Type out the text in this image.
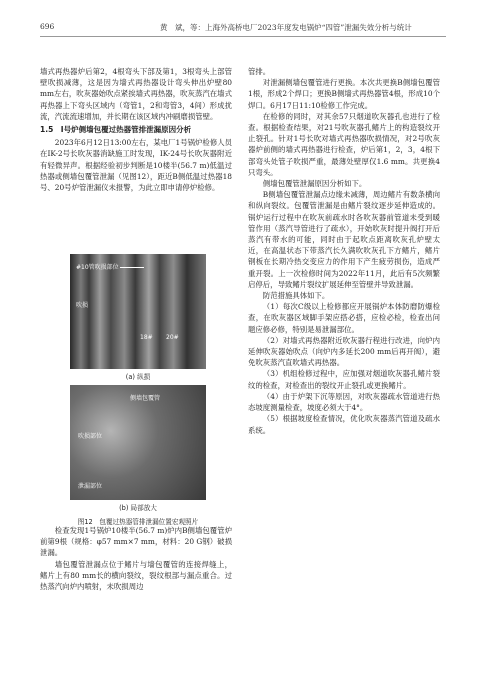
696	黄　斌，等：上海外高桥电厂2023年度发电锅炉“四管”泄漏失效分析与统计

墙式再热器炉后第2，4根弯头下部及第1，3根弯头上部管壁吹损减薄，这是因为墙式再热器设计弯头伸出炉壁80 mm左右，吹灰器始吹点紧挨墙式再热器，吹灰蒸汽在墙式再热器上下弯头区域内（弯管1，2和弯管3，4间）形成扰流，汽流流速增加，并长期在该区域内冲刷磨损管壁。

1.5　I号炉侧墙包覆过热器管排泄漏原因分析

2023年6月12日13:00左右，某电厂1号锅炉检修人员在IK-2号长吹灰器消缺施工时发现，IK-24号长吹灰器附近有轻微异声。根据经验初步判断是10楼半(56.7 m)低温过热器或侧墙包覆管泄漏（见图12），距近B侧低温过热器18号、20号炉管泄漏仪未报警，为此立即申请停炉检修。

#10管吹损部位
吹损
18# 20#
(a) 纵损
侧墙包覆管
吹损部位
泄漏部位
(b) 局部放大
图12　包覆过热器管排泄漏位置宏观照片

检查发现1号锅炉10楼半(56.7 m)炉内B侧墙包覆管炉前第9根（规格：φ57 mm×7 mm，材料：20 G钢）破损泄漏。

墙包覆管泄漏点位于鳍片与墙包覆管的连接焊缝上，鳍片上有80 mm长的横向裂纹，裂纹根部与漏点重合。过热蒸汽向炉内喷射，未吹损周边

管排。

对泄漏侧墙包覆管进行更换。本次共更换B侧墙包覆管1根，形成2个焊口；更换B侧墙式再热器管4根，形成10个焊口。6月17日11:10检修工作完成。

在检修的同时，对其余57只烟道吹灰器孔也进行了检查。根据检查结果，对21号吹灰器孔鳍片上的构造裂纹开止裂孔。针对1号长吹对墙式再热器吹损情况，对2号吹灰器炉前侧的墙式再热器进行检查，炉后第1，2，3，4根下部弯头处管子吹损严重，最薄处壁厚仅1.6 mm。共更换4只弯头。

侧墙包覆管泄漏原因分析如下。

B侧墙包覆管泄漏点边缘未减薄，周边鳍片有数条横向和纵向裂纹。包覆管泄漏是由鳍片裂纹逐步延伸造成的。锅炉运行过程中在吹灰前疏水时各吹灰器前管道未受到暖管作用（蒸汽导管进行了疏水），开始吹灰时提升阀打开后蒸汽有带水的可能，同时由于起吹点距离吹灰孔炉壁太近，在高温状态下带蒸汽长久满吹吹灰孔下方鳍片，鳍片钢板在长期冷热交变应力的作用下产生疲劳损伤，造成严重开裂。上一次检修时间为2022年11月，此后有5次频繁启停后，导致鳍片裂纹扩展延伸至管壁并导致泄漏。

防范措施具体如下。

（1）每次C级以上检修都应开展锅炉本体防磨防爆检查，在吹灰器区域脚手架应搭必搭，应检必检，检查出问题应修必修，特别是易泄漏部位。

（2）对墙式再热器附近吹灰器行程进行改进，向炉内延伸吹灰器始吹点（向炉内多延长200 mm后再开阀），避免吹灰蒸汽直吹墙式再热器。

（3）机组检修过程中，应加强对烟道吹灰器孔鳍片裂纹的检查，对检查出的裂纹开止裂孔或更换鳍片。

（4）由于炉架下沉等原因，对吹灰器疏水管道进行热态坡度测量检查，坡度必须大于4°。

（5）根据坡度检查情况，优化吹灰器蒸汽管道及疏水系统。
